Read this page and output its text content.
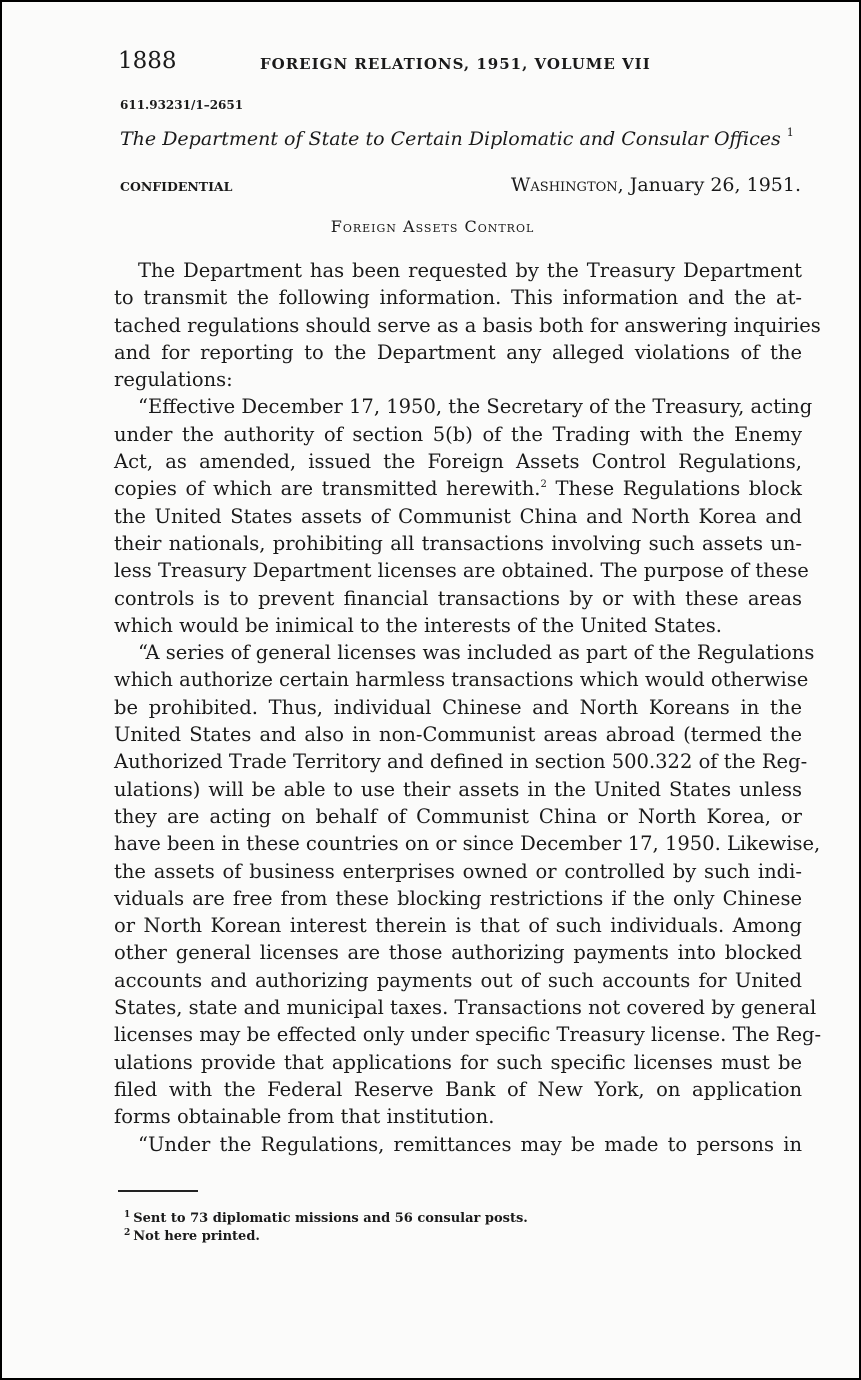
1888	FOREIGN RELATIONS, 1951, VOLUME VII
611.93231/1–2651
The Department of State to Certain Diplomatic and Consular Offices $^1$
CONFIDENTIAL	Washington, January 26, 1951.
Foreign Assets Control
The Department has been requested by the Treasury Department
to transmit the following information. This information and the at-
tached regulations should serve as a basis both for answering inquiries
and for reporting to the Department any alleged violations of the
regulations:
“Effective December 17, 1950, the Secretary of the Treasury, acting
under the authority of section 5(b) of the Trading with the Enemy
Act, as amended, issued the Foreign Assets Control Regulations,
copies of which are transmitted herewith.$^2$ These Regulations block
the United States assets of Communist China and North Korea and
their nationals, prohibiting all transactions involving such assets un-
less Treasury Department licenses are obtained. The purpose of these
controls is to prevent financial transactions by or with these areas
which would be inimical to the interests of the United States.
“A series of general licenses was included as part of the Regulations
which authorize certain harmless transactions which would otherwise
be prohibited. Thus, individual Chinese and North Koreans in the
United States and also in non-Communist areas abroad (termed the
Authorized Trade Territory and defined in section 500.322 of the Reg-
ulations) will be able to use their assets in the United States unless
they are acting on behalf of Communist China or North Korea, or
have been in these countries on or since December 17, 1950. Likewise,
the assets of business enterprises owned or controlled by such indi-
viduals are free from these blocking restrictions if the only Chinese
or North Korean interest therein is that of such individuals. Among
other general licenses are those authorizing payments into blocked
accounts and authorizing payments out of such accounts for United
States, state and municipal taxes. Transactions not covered by general
licenses may be effected only under specific Treasury license. The Reg-
ulations provide that applications for such specific licenses must be
filed with the Federal Reserve Bank of New York, on application
forms obtainable from that institution.
“Under the Regulations, remittances may be made to persons in
$^1$ Sent to 73 diplomatic missions and 56 consular posts.
$^2$ Not here printed.
